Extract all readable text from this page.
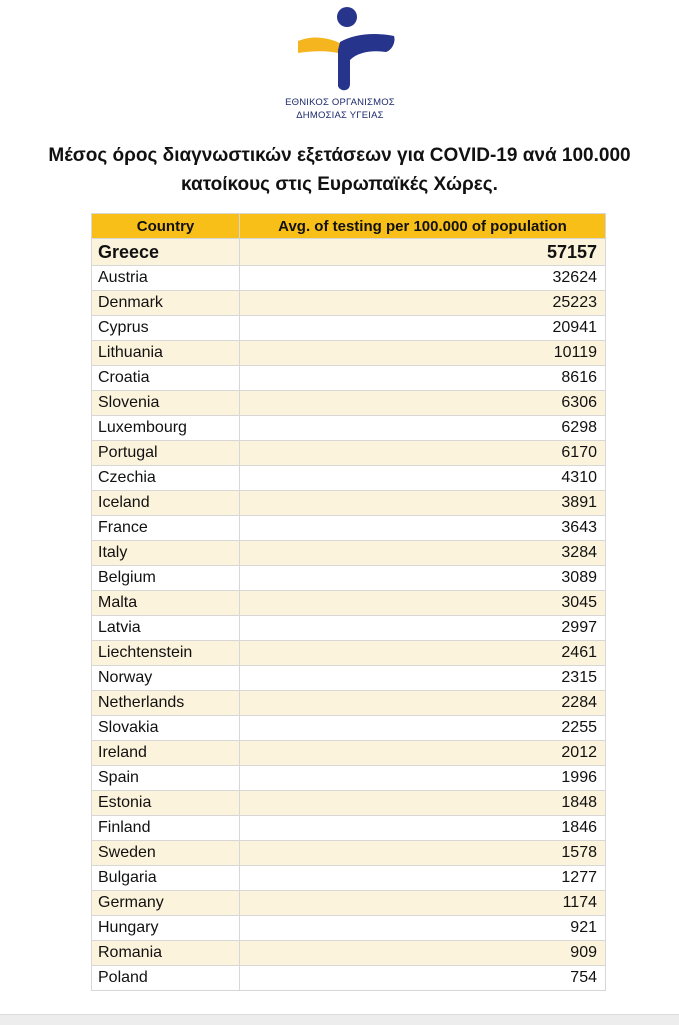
ΕΘΝΙΚΟΣ ΟΡΓΑΝΙΣΜΟΣ
ΔΗΜΟΣΙΑΣ ΥΓΕΙΑΣ
Μέσος όρος διαγνωστικών εξετάσεων για COVID-19 ανά 100.000
κατοίκους στις Ευρωπαϊκές Χώρες.
Country	Avg. of testing per 100.000 of population
Greece	57157
Austria	32624
Denmark	25223
Cyprus	20941
Lithuania	10119
Croatia	8616
Slovenia	6306
Luxembourg	6298
Portugal	6170
Czechia	4310
Iceland	3891
France	3643
Italy	3284
Belgium	3089
Malta	3045
Latvia	2997
Liechtenstein	2461
Norway	2315
Netherlands	2284
Slovakia	2255
Ireland	2012
Spain	1996
Estonia	1848
Finland	1846
Sweden	1578
Bulgaria	1277
Germany	1174
Hungary	921
Romania	909
Poland	754
